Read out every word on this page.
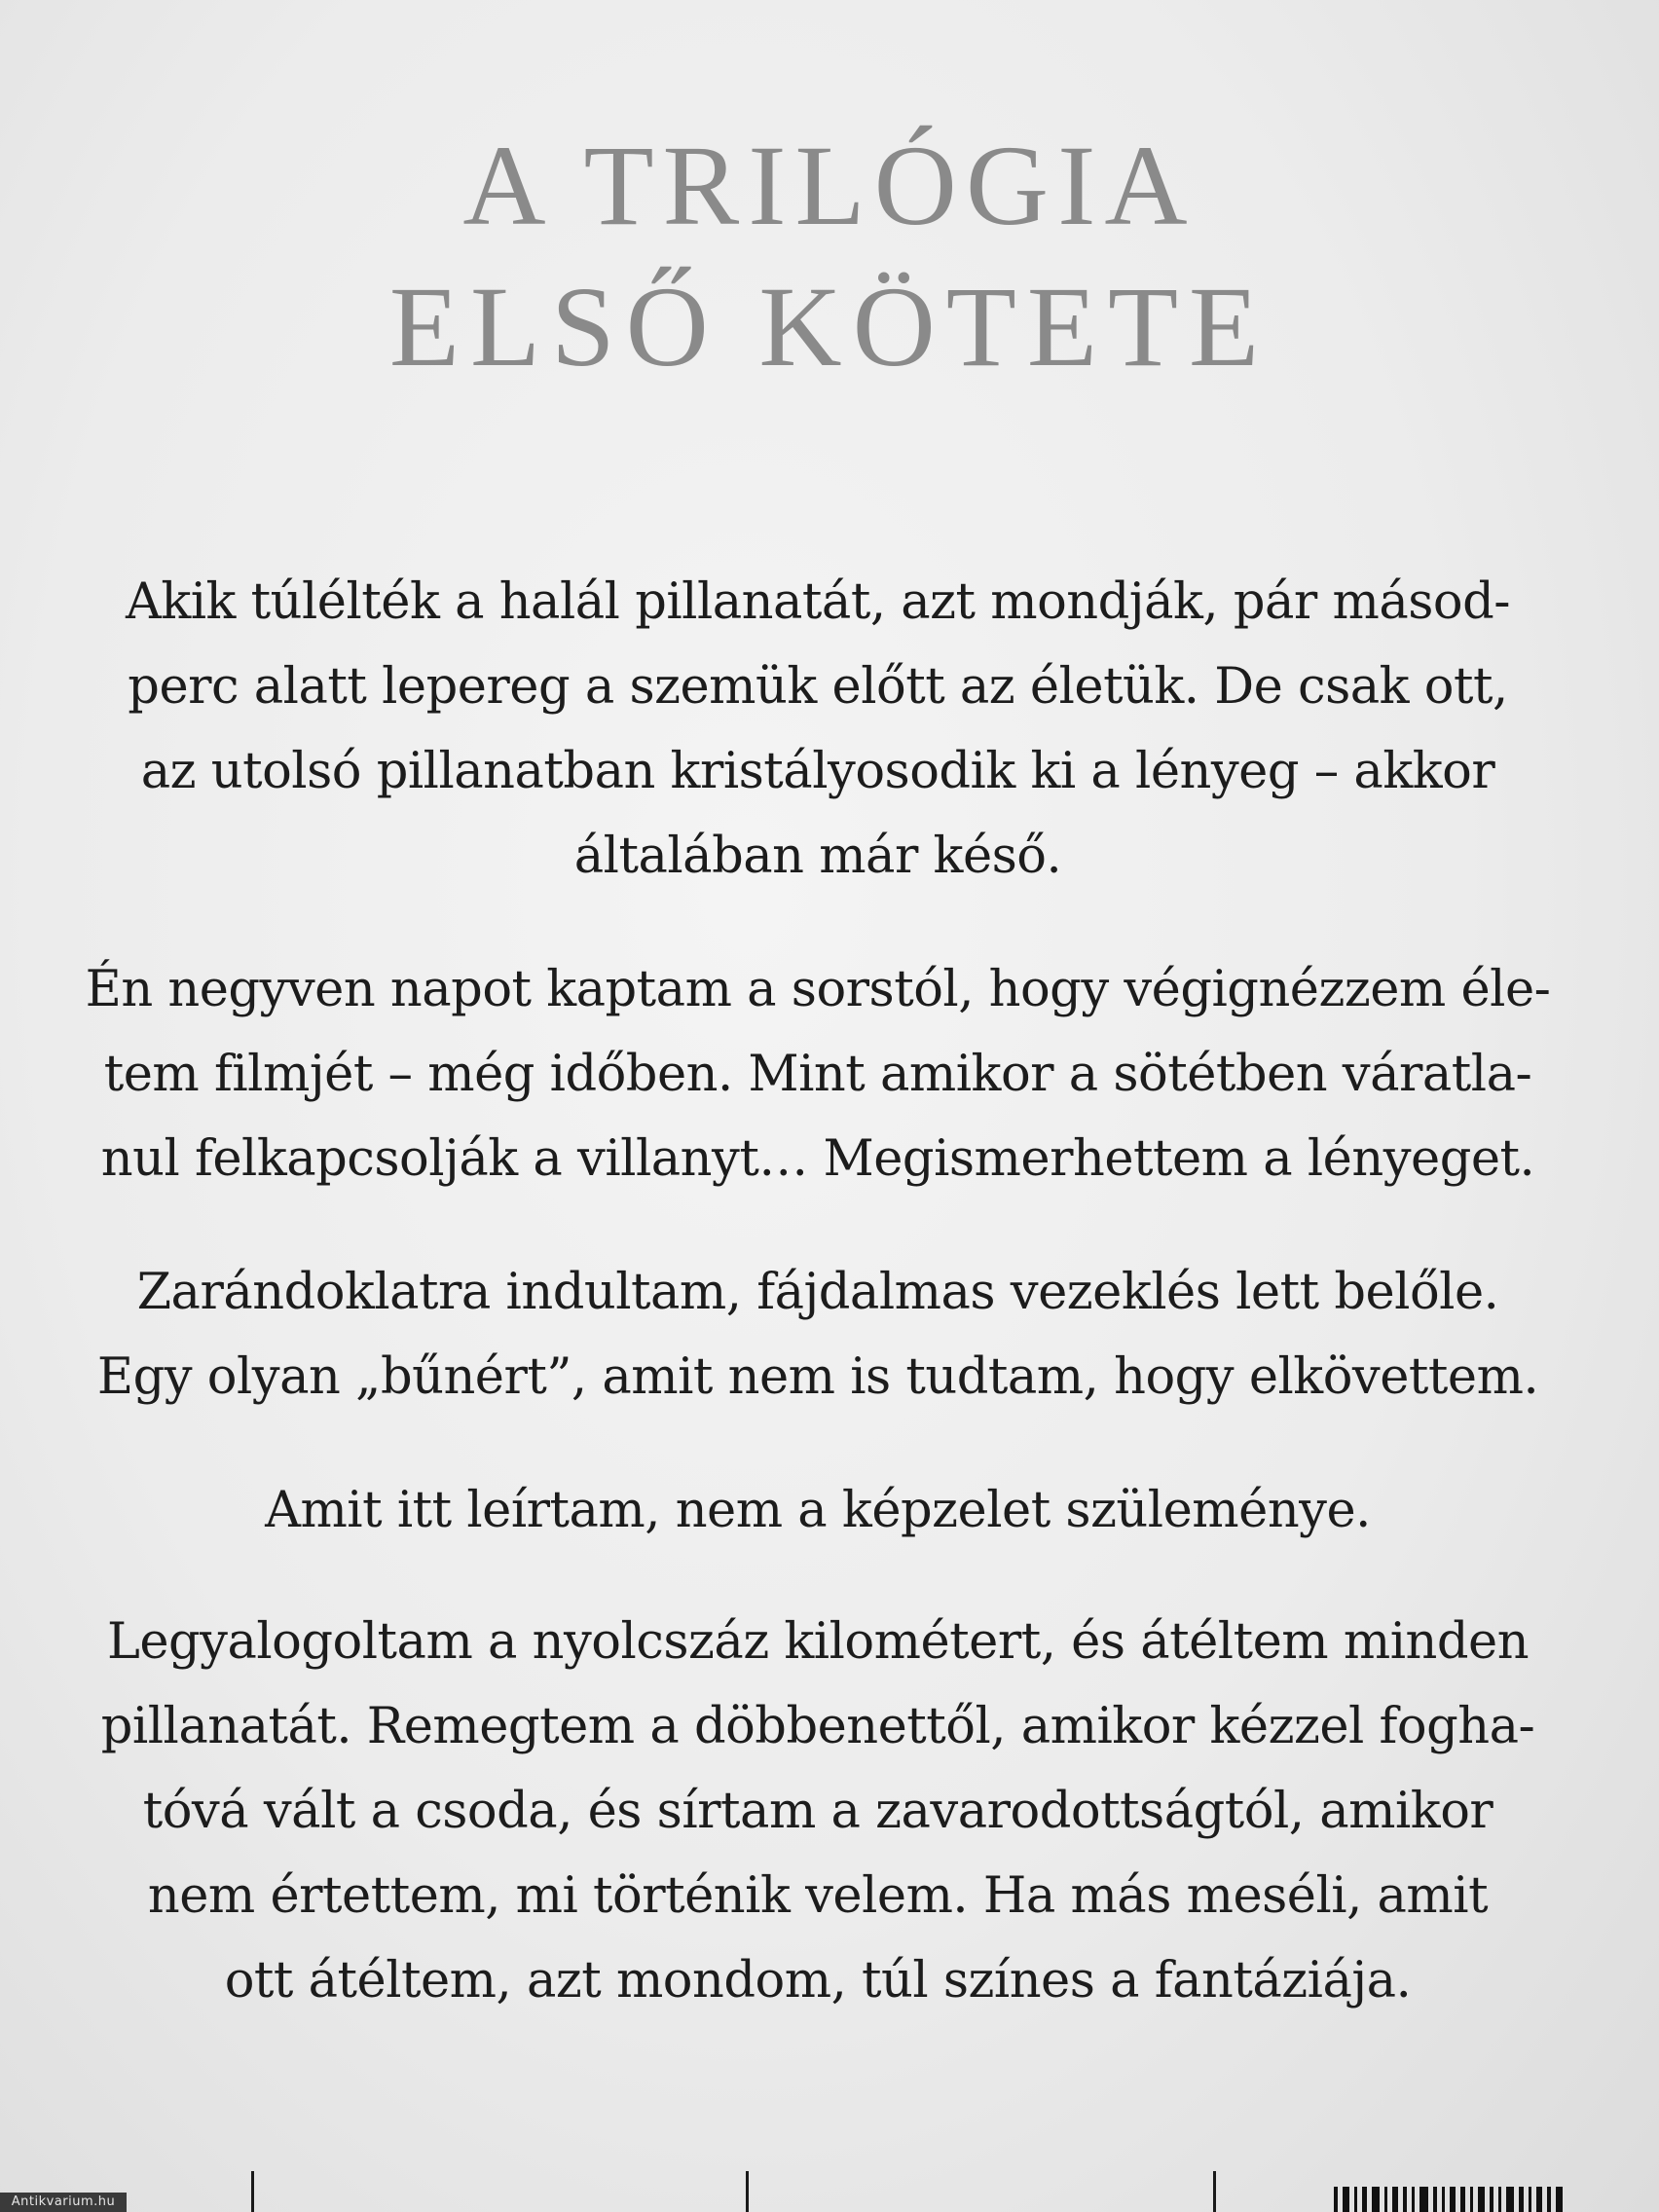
A TRILÓGIA
ELSŐ KÖTETE

Akik túlélték a halál pillanatát, azt mondják, pár másod-
perc alatt lepereg a szemük előtt az életük. De csak ott,
az utolsó pillanatban kristályosodik ki a lényeg – akkor
általában már késő.

Én negyven napot kaptam a sorstól, hogy végignézzem éle-
tem filmjét – még időben. Mint amikor a sötétben váratla-
nul felkapcsolják a villanyt… Megismerhettem a lényeget.

Zarándoklatra indultam, fájdalmas vezeklés lett belőle.
Egy olyan „bűnért”, amit nem is tudtam, hogy elkövettem.

Amit itt leírtam, nem a képzelet szüleménye.

Legyalogoltam a nyolcszáz kilométert, és átéltem minden
pillanatát. Remegtem a döbbenettől, amikor kézzel fogha-
tóvá vált a csoda, és sírtam a zavarodottságtól, amikor
nem értettem, mi történik velem. Ha más meséli, amit
ott átéltem, azt mondom, túl színes a fantáziája.

Antikvarium.hu
